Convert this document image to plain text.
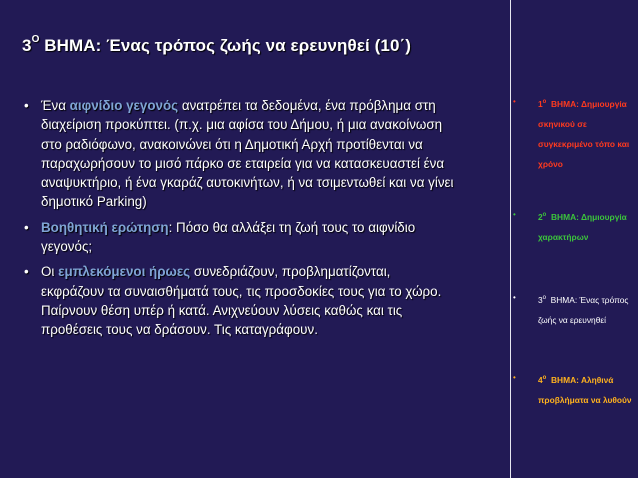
$3^O$ ΒΗΜΑ: Ένας τρόπος ζωής να ερευνηθεί (10΄)
• Ένα αιφνίδιο γεγονός ανατρέπει τα δεδομένα, ένα πρόβλημα στη διαχείριση προκύπτει. (π.χ. μια αφίσα του Δήμου, ή μια ανακοίνωση στο ραδιόφωνο, ανακοινώνει ότι η Δημοτική Αρχή προτίθενται να παραχωρήσουν το μισό πάρκο σε εταιρεία για να κατασκευαστεί ένα αναψυκτήριο, ή ένα γκαράζ αυτοκινήτων, ή να τσιμεντωθεί και να γίνει δημοτικό Parking)
• Βοηθητική ερώτηση: Πόσο θα αλλάξει τη ζωή τους το αιφνίδιο γεγονός;
• Οι εμπλεκόμενοι ήρωες συνεδριάζουν, προβληματίζονται, εκφράζουν τα συναισθήματά τους, τις προσδοκίες τους για το χώρο. Παίρνουν θέση υπέρ ή κατά. Ανιχνεύουν λύσεις καθώς και τις προθέσεις τους να δράσουν. Τις καταγράφουν.
•	$1^o$ ΒΗΜΑ: Δημιουργία σκηνικού σε συγκεκριμένο τόπο και χρόνο
•	$2^o$ ΒΗΜΑ: Δημιουργία χαρακτήρων
•	$3^o$ ΒΗΜΑ: Ένας τρόπος ζωής να ερευνηθεί
•	$4^o$ ΒΗΜΑ: Αληθινά προβλήματα να λυθούν
